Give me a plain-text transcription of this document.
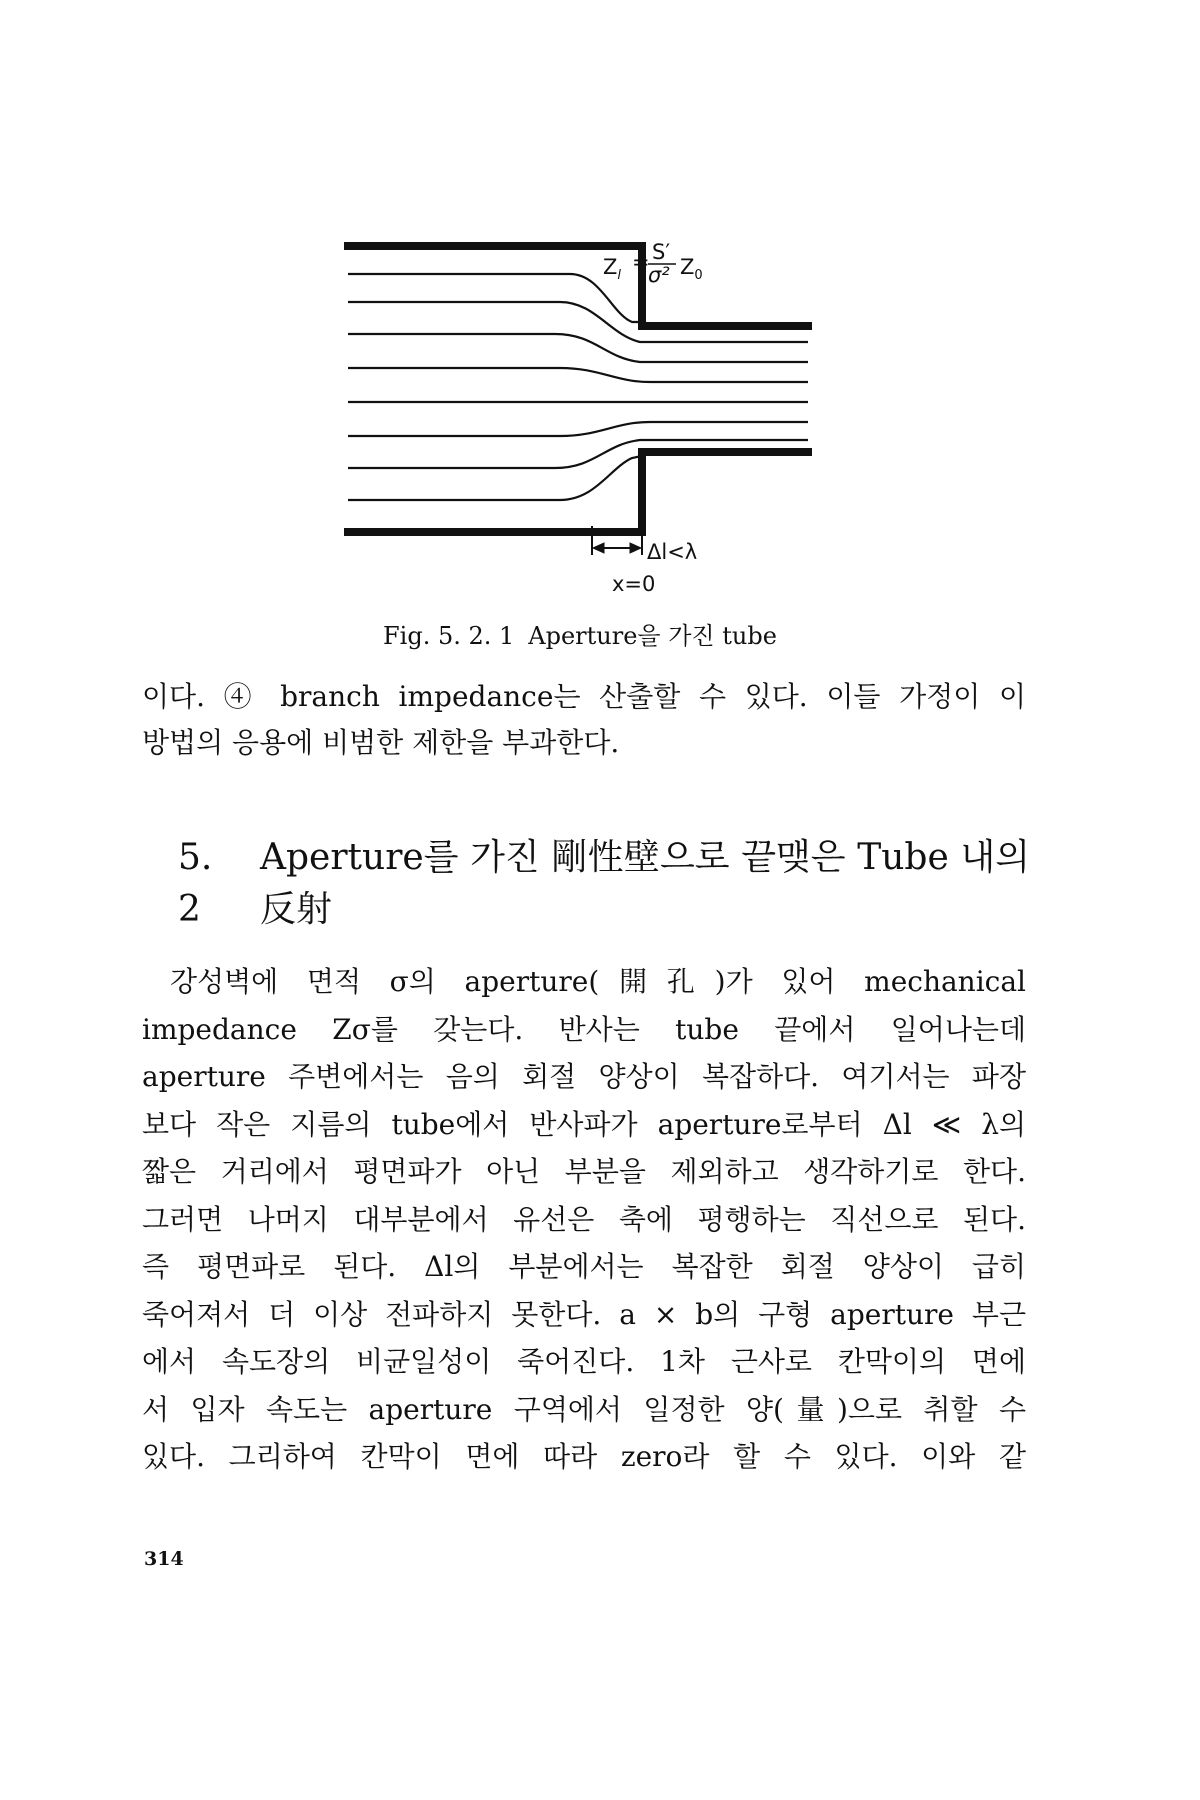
$Z_l$
= S′
σ² $Z_0$
Δl<λ
x=0
Fig. 5. 2. 1 Aperture을 가진 tube

이다. ④ branch impedance는 산출할 수 있다. 이들 가정이 이
방법의 응용에 비범한 제한을 부과한다.

5. 2
Aperture를 가진 剛性壁으로 끝맺은 Tube 내의
反射

강성벽에 면적 σ의 aperture(開孔)가 있어 mechanical
impedance Zσ를 갖는다. 반사는 tube 끝에서 일어나는데
aperture 주변에서는 음의 회절 양상이 복잡하다. 여기서는 파장
보다 작은 지름의 tube에서 반사파가 aperture로부터 Δl ≪ λ의
짧은 거리에서 평면파가 아닌 부분을 제외하고 생각하기로 한다.
그러면 나머지 대부분에서 유선은 축에 평행하는 직선으로 된다.
즉 평면파로 된다. Δl의 부분에서는 복잡한 회절 양상이 급히
죽어져서 더 이상 전파하지 못한다. a × b의 구형 aperture 부근
에서 속도장의 비균일성이 죽어진다. 1차 근사로 칸막이의 면에
서 입자 속도는 aperture 구역에서 일정한 양(量)으로 취할 수
있다. 그리하여 칸막이 면에 따라 zero라 할 수 있다. 이와 같

314
